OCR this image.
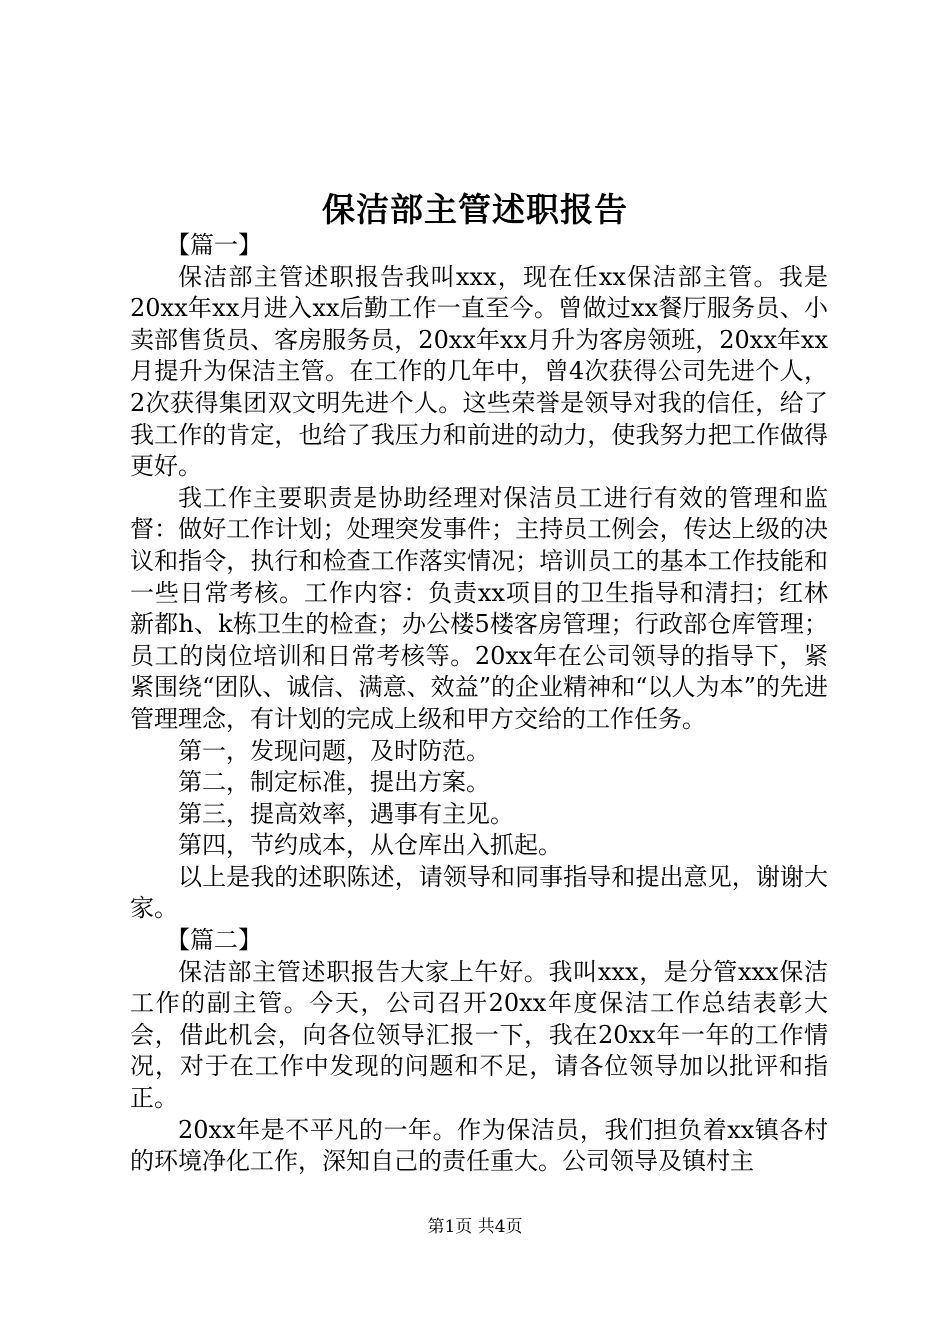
保洁部主管述职报告

【篇一】

保洁部主管述职报告我叫xxx，现在任xx保洁部主管。我是20xx年xx月进入xx后勤工作一直至今。曾做过xx餐厅服务员、小卖部售货员、客房服务员，20xx年xx月升为客房领班，20xx年xx月提升为保洁主管。在工作的几年中，曾4次获得公司先进个人，2次获得集团双文明先进个人。这些荣誉是领导对我的信任，给了我工作的肯定，也给了我压力和前进的动力，使我努力把工作做得更好。

我工作主要职责是协助经理对保洁员工进行有效的管理和监督：做好工作计划；处理突发事件；主持员工例会，传达上级的决议和指令，执行和检查工作落实情况；培训员工的基本工作技能和一些日常考核。工作内容：负责xx项目的卫生指导和清扫；红林新都h、k栋卫生的检查；办公楼5楼客房管理；行政部仓库管理；员工的岗位培训和日常考核等。20xx年在公司领导的指导下，紧紧围绕“团队、诚信、满意、效益”的企业精神和“以人为本”的先进管理理念，有计划的完成上级和甲方交给的工作任务。

第一，发现问题，及时防范。

第二，制定标准，提出方案。

第三，提高效率，遇事有主见。

第四，节约成本，从仓库出入抓起。

以上是我的述职陈述，请领导和同事指导和提出意见，谢谢大家。

【篇二】

保洁部主管述职报告大家上午好。我叫xxx，是分管xxx保洁工作的副主管。今天，公司召开20xx年度保洁工作总结表彰大会，借此机会，向各位领导汇报一下，我在20xx年一年的工作情况，对于在工作中发现的问题和不足，请各位领导加以批评和指正。

20xx年是不平凡的一年。作为保洁员，我们担负着xx镇各村的环境净化工作，深知自己的责任重大。公司领导及镇村主

第1页 共4页
